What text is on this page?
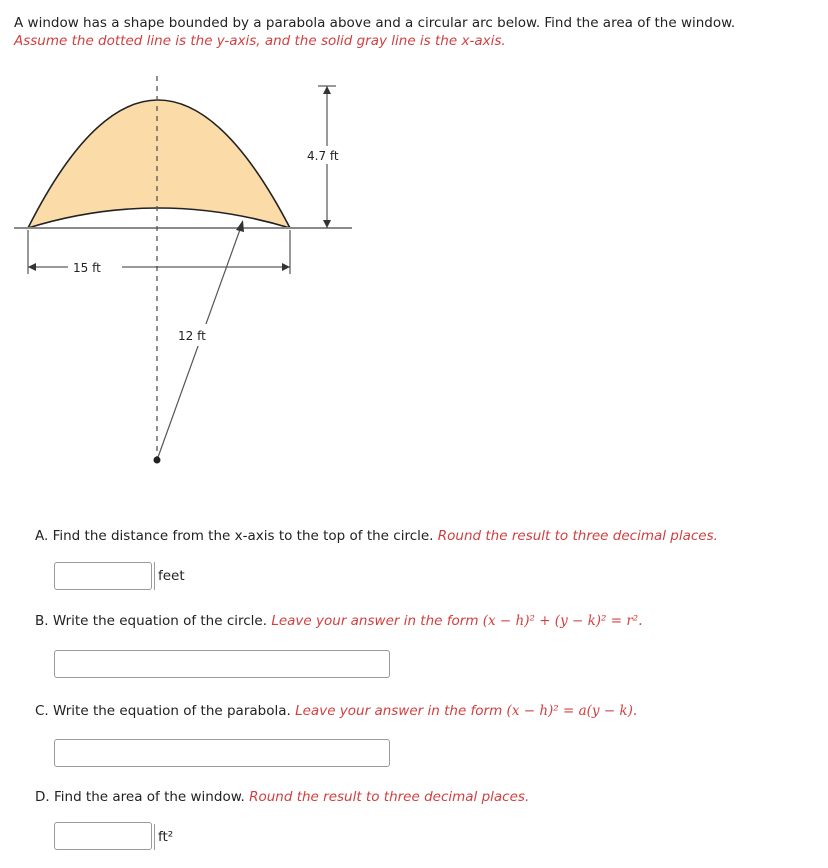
A window has a shape bounded by a parabola above and a circular arc below. Find the area of the window.
Assume the dotted line is the y-axis, and the solid gray line is the x-axis.
4.7 ft
15 ft
12 ft
A. Find the distance from the x-axis to the top of the circle. Round the result to three decimal places.
feet
B. Write the equation of the circle. Leave your answer in the form (x − h)² + (y − k)² = r².
C. Write the equation of the parabola. Leave your answer in the form (x − h)² = a(y − k).
D. Find the area of the window. Round the result to three decimal places.
ft²
